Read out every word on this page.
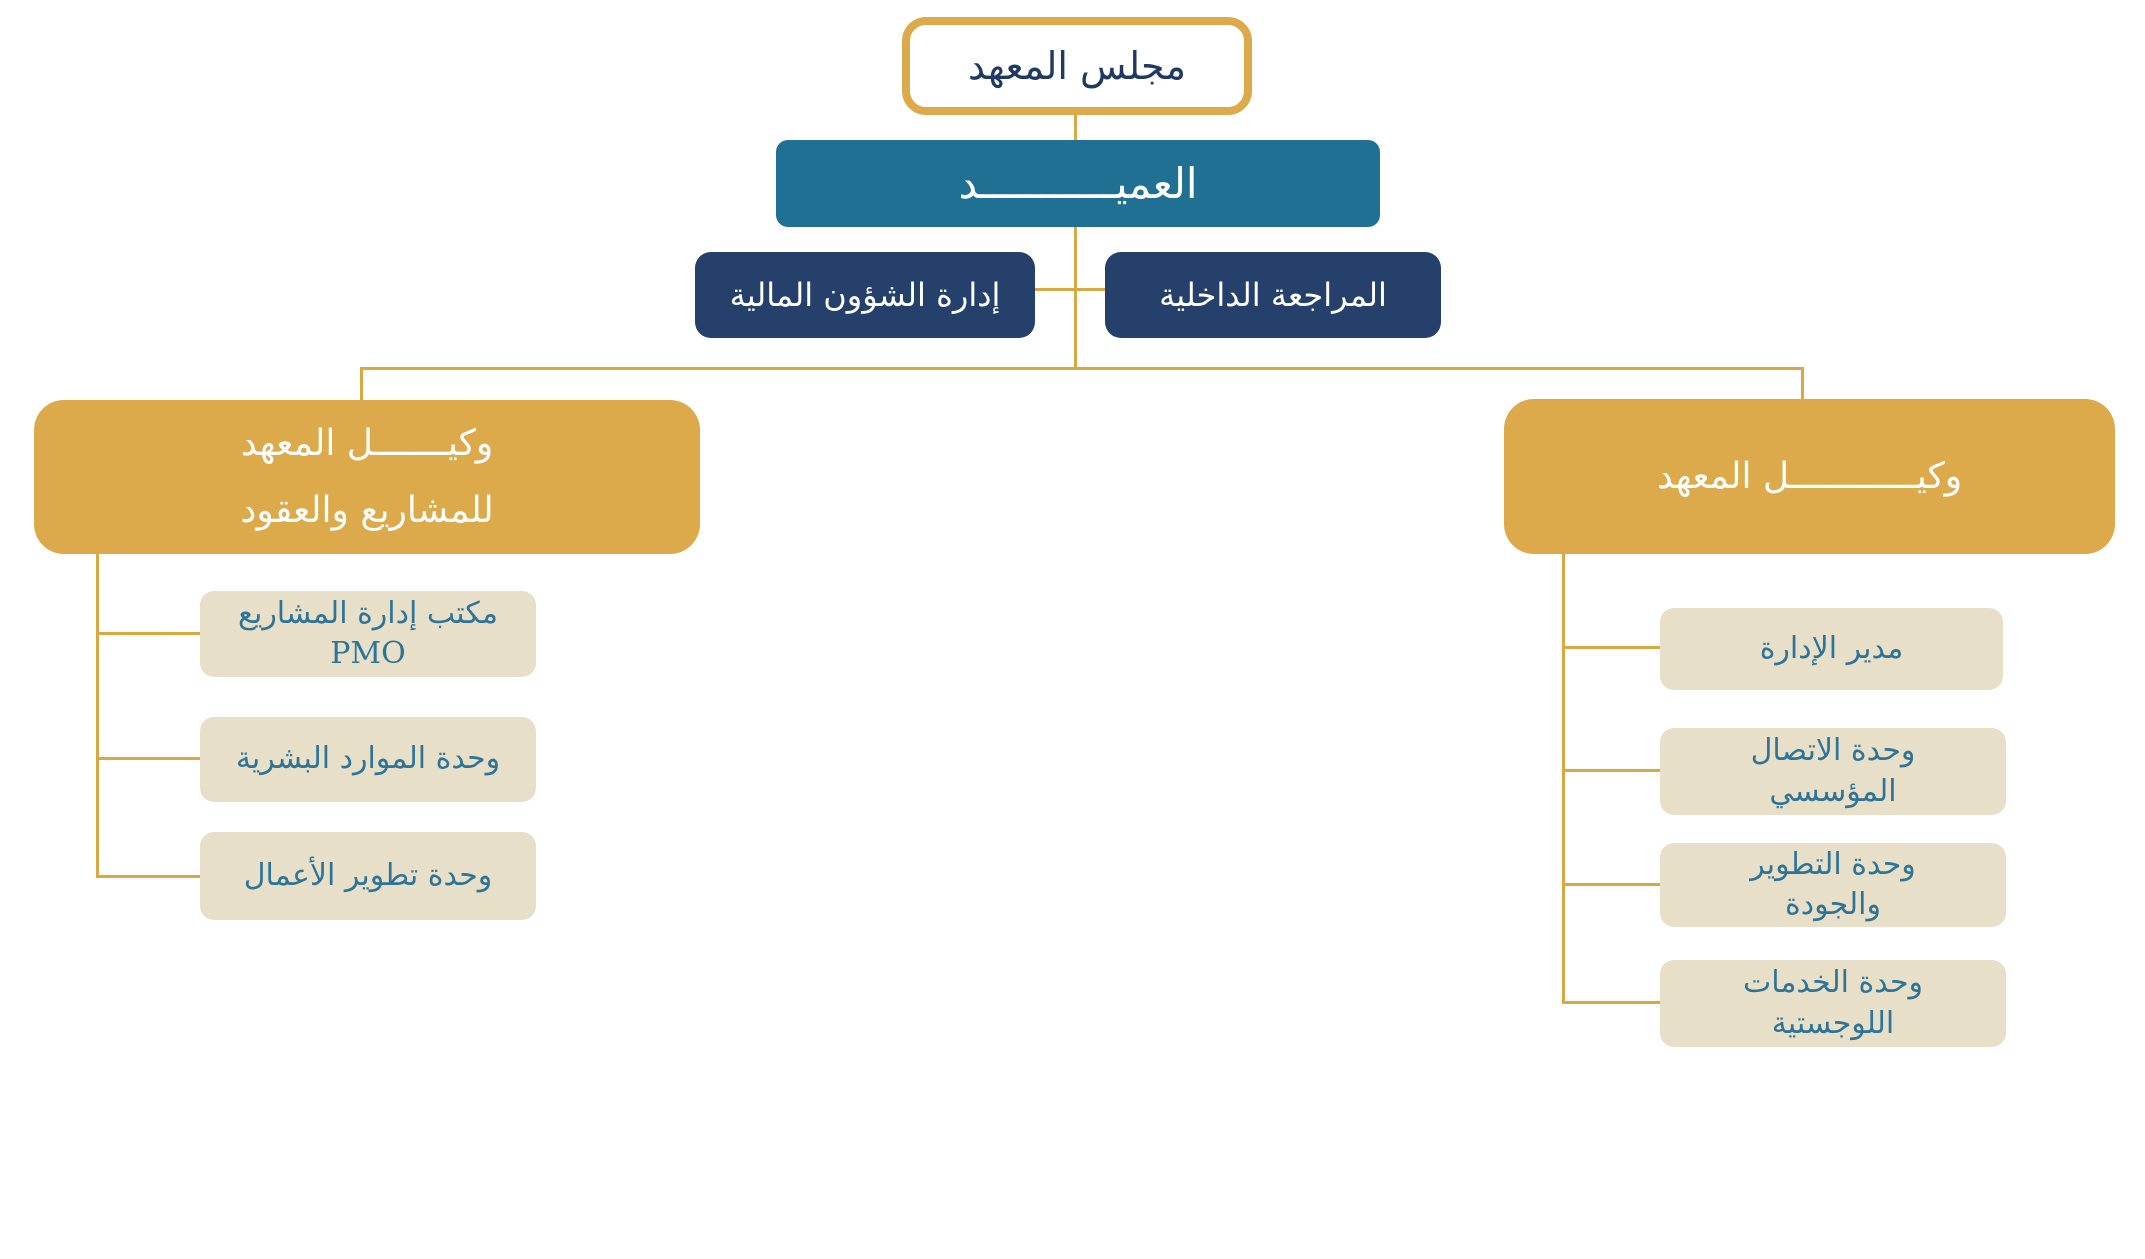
مجلس المعهد
العميـــــــــــد
إدارة الشؤون المالية	المراجعة الداخلية
وكيـــــــل المعهد
للمشاريع والعقود
وكيــــــــــــل المعهد
مكتب إدارة المشاريع
PMO
وحدة الموارد البشرية
وحدة تطوير الأعمال
مدير الإدارة
وحدة الاتصال
المؤسسي
وحدة التطوير
والجودة
وحدة الخدمات
اللوجستية
